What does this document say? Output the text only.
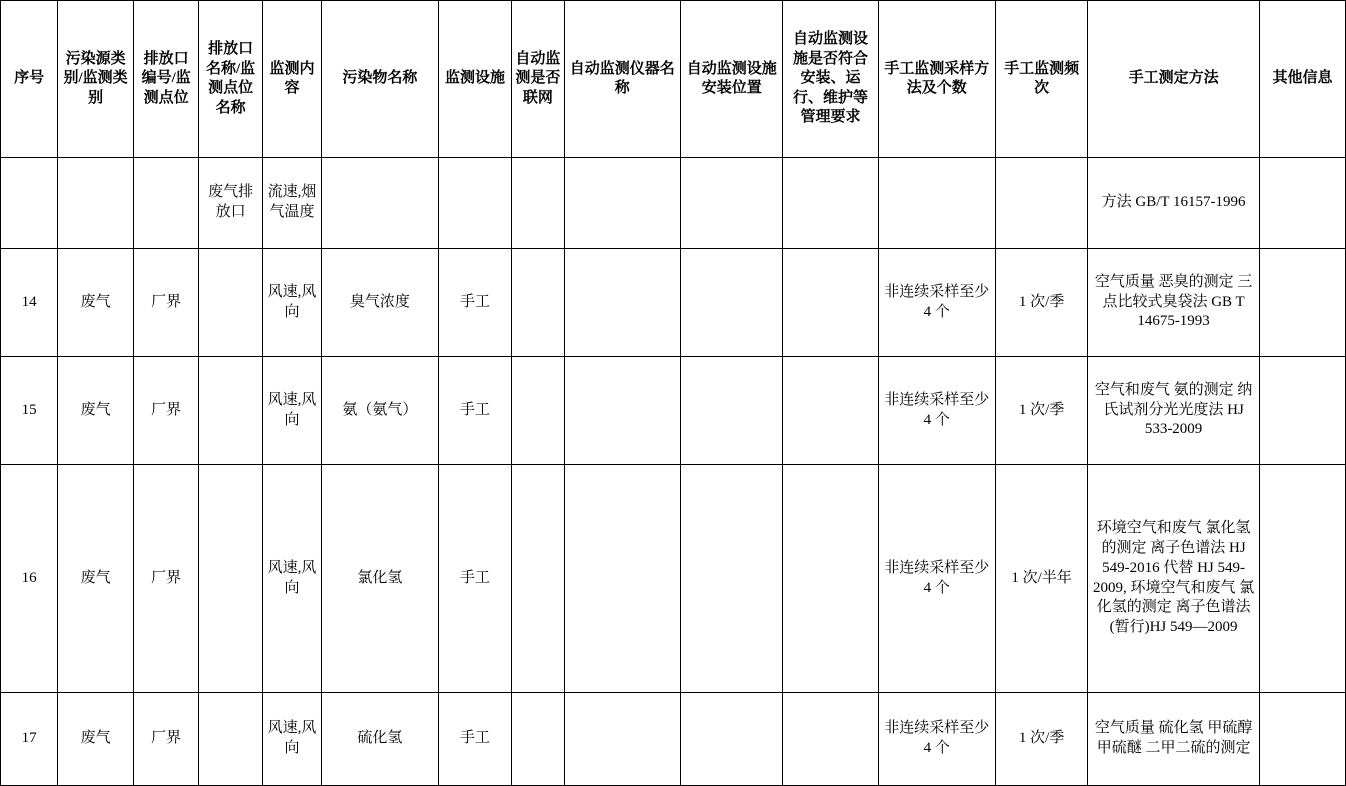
序号	污染源类别/监测类别	排放口编号/监测点位	排放口名称/监测点位名称	监测内容	污染物名称	监测设施	自动监测是否联网	自动监测仪器名称	自动监测设施安装位置	自动监测设施是否符合安装、运行、维护等管理要求	手工监测采样方法及个数	手工监测频次	手工测定方法	其他信息
			废气排放口	流速,烟气温度									方法 GB/T 16157-1996	
14	废气	厂界		风速,风向	臭气浓度	手工					非连续采样至少 4 个	1 次/季	空气质量 恶臭的测定 三点比较式臭袋法 GB T 14675-1993	
15	废气	厂界		风速,风向	氨（氨气）	手工					非连续采样至少 4 个	1 次/季	空气和废气 氨的测定 纳氏试剂分光光度法 HJ 533-2009	
16	废气	厂界		风速,风向	氯化氢	手工					非连续采样至少 4 个	1 次/半年	环境空气和废气 氯化氢的测定 离子色谱法 HJ 549-2016 代替 HJ 549-2009, 环境空气和废气 氯化氢的测定 离子色谱法(暂行)HJ 549—2009	
17	废气	厂界		风速,风向	硫化氢	手工					非连续采样至少 4 个	1 次/季	空气质量 硫化氢 甲硫醇 甲硫醚 二甲二硫的测定	
